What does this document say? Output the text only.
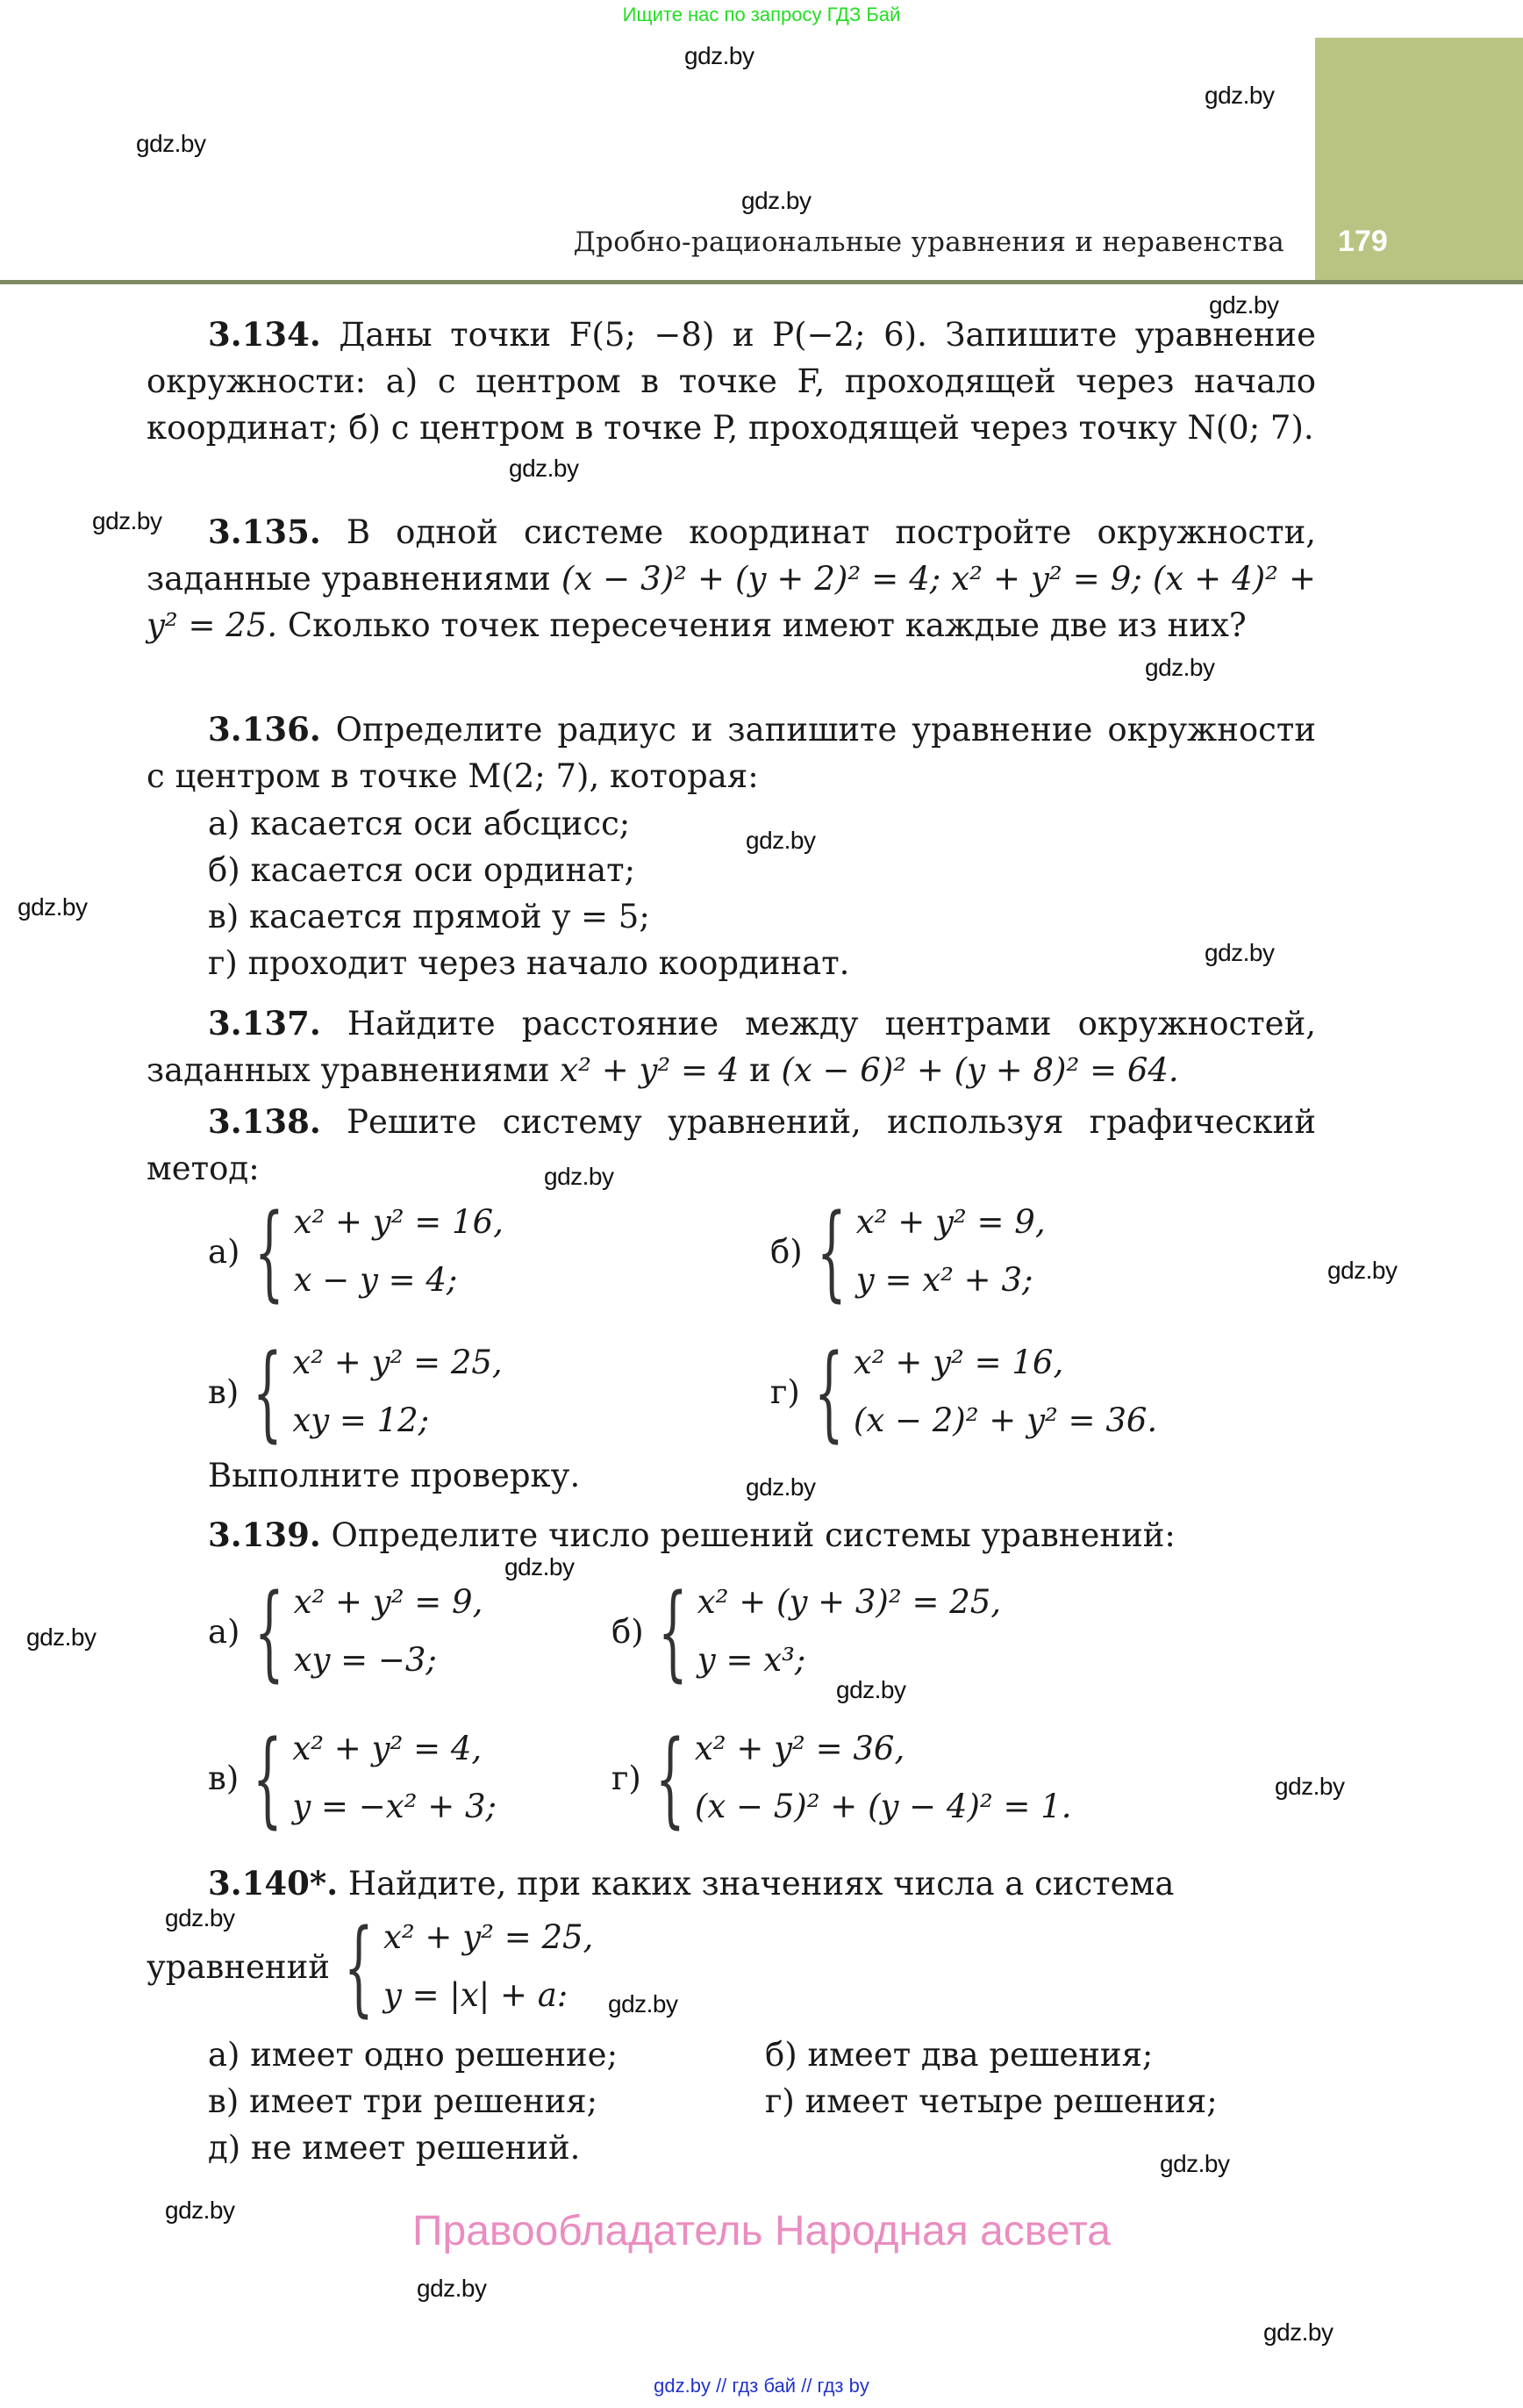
Ищите нас по запросу ГДЗ Бай
179
Дробно-рациональные уравнения и неравенства
gdz.by
gdz.by
gdz.by
gdz.by
gdz.by
gdz.by
gdz.by
gdz.by
gdz.by
gdz.by
gdz.by
gdz.by
gdz.by
gdz.by
gdz.by
gdz.by
gdz.by
gdz.by
gdz.by
gdz.by
gdz.by
gdz.by
gdz.by
gdz.by
3.134. Даны точки F(5; −8) и P(−2; 6). Запишите уравнение окружности: а) с центром в точке F, проходящей через начало координат; б) с центром в точке P, проходящей через точку N(0; 7).
3.135. В одной системе координат постройте окружности, заданные уравнениями (x − 3)² + (y + 2)² = 4; x² + y² = 9; (x + 4)² + y² = 25. Сколько точек пересечения имеют каждые две из них?
3.136. Определите радиус и запишите уравнение окружности с центром в точке M(2; 7), которая:
а) касается оси абсцисс;
б) касается оси ординат;
в) касается прямой y = 5;
г) проходит через начало координат.
3.137. Найдите расстояние между центрами окружностей, заданных уравнениями x² + y² = 4 и (x − 6)² + (y + 8)² = 64.
3.138. Решите систему уравнений, используя графический метод:
а) { x² + y² = 16,
x − y = 4;
б) { x² + y² = 9,
y = x² + 3;
в) { x² + y² = 25,
xy = 12;
г) { x² + y² = 16,
(x − 2)² + y² = 36.
Выполните проверку.
3.139. Определите число решений системы уравнений:
а) { x² + y² = 9,
xy = −3;
б) { x² + (y + 3)² = 25,
y = x³;
в) { x² + y² = 4,
y = −x² + 3;
г) { x² + y² = 36,
(x − 5)² + (y − 4)² = 1.
3.140*. Найдите, при каких значениях числа a система
уравнений { x² + y² = 25,
y = |x| + a:
а) имеет одно решение;	б) имеет два решения;
в) имеет три решения;	г) имеет четыре решения;
д) не имеет решений.
Правообладатель Народная асвета
gdz.by // гдз бай // гдз by
